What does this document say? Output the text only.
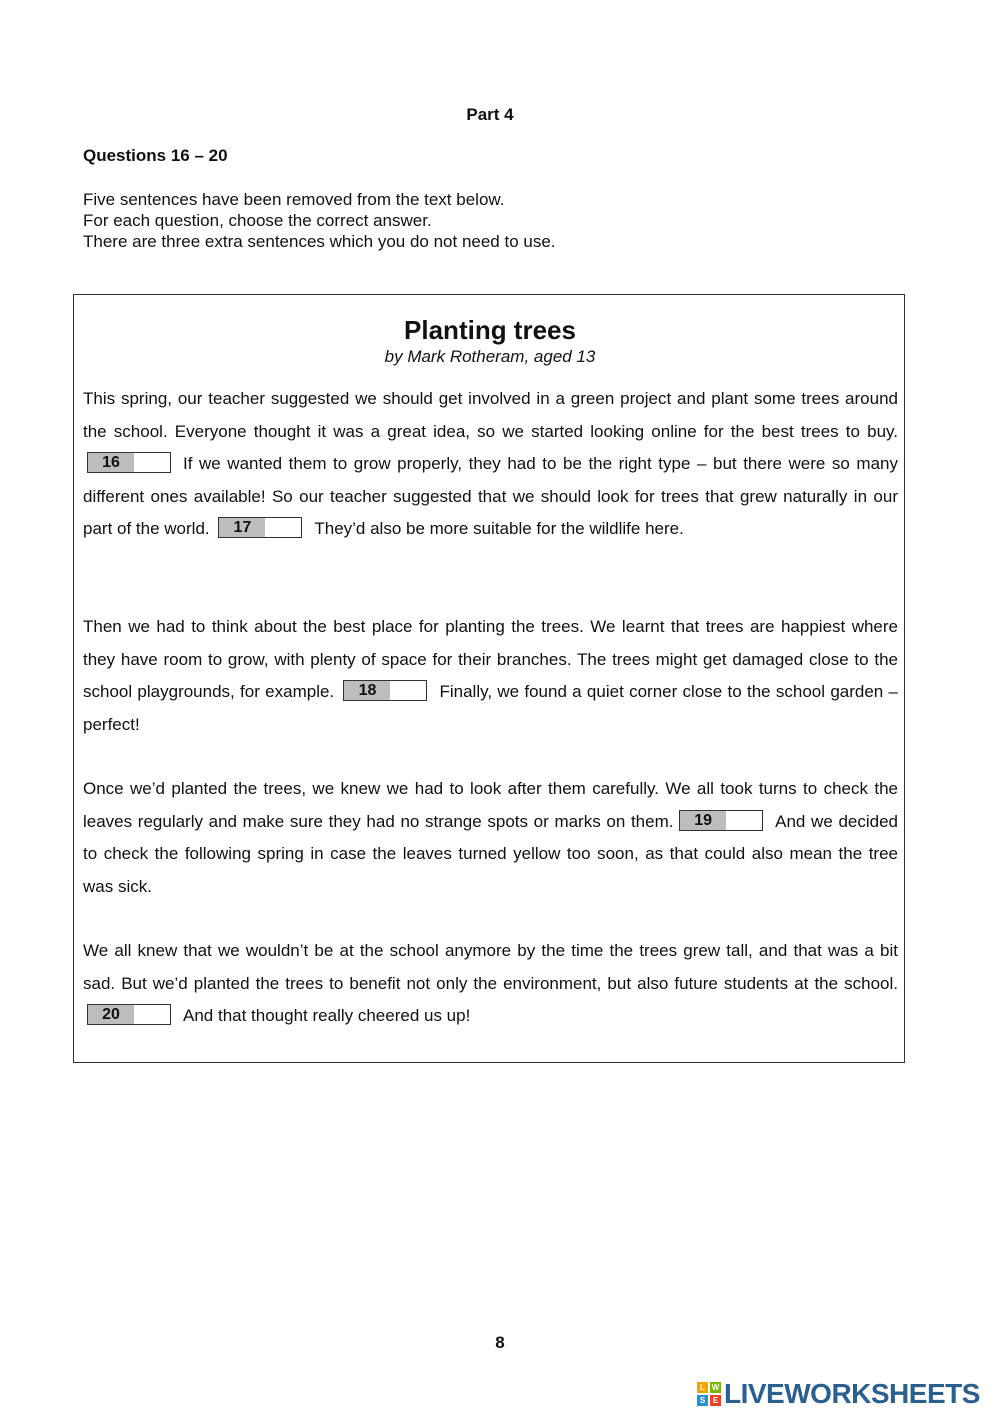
Part 4
Questions 16 – 20
Five sentences have been removed from the text below.
For each question, choose the correct answer.
There are three extra sentences which you do not need to use.
Planting trees
by Mark Rotheram, aged 13
This spring, our teacher suggested we should get involved in a green project and plant some trees around the school. Everyone thought it was a great idea, so we started looking online for the best trees to buy.
16	If we wanted them to grow properly, they had to be the right type – but there were so many different ones available! So our teacher suggested that we should look for trees that grew naturally in our part of the world.	17	They’d also be more suitable for the wildlife here.
Then we had to think about the best place for planting the trees. We learnt that trees are happiest where they have room to grow, with plenty of space for their branches. The trees might get damaged close to the school playgrounds, for example.	18	Finally, we found a quiet corner close to the school garden – perfect!
Once we’d planted the trees, we knew we had to look after them carefully. We all took turns to check the leaves regularly and make sure they had no strange spots or marks on them.	19	And we decided to check the following spring in case the leaves turned yellow too soon, as that could also mean the tree was sick.
We all knew that we wouldn’t be at the school anymore by the time the trees grew tall, and that was a bit sad. But we’d planted the trees to benefit not only the environment, but also future students at the school.
20	And that thought really cheered us up!
8
L W
S E LIVEWORKSHEETS
